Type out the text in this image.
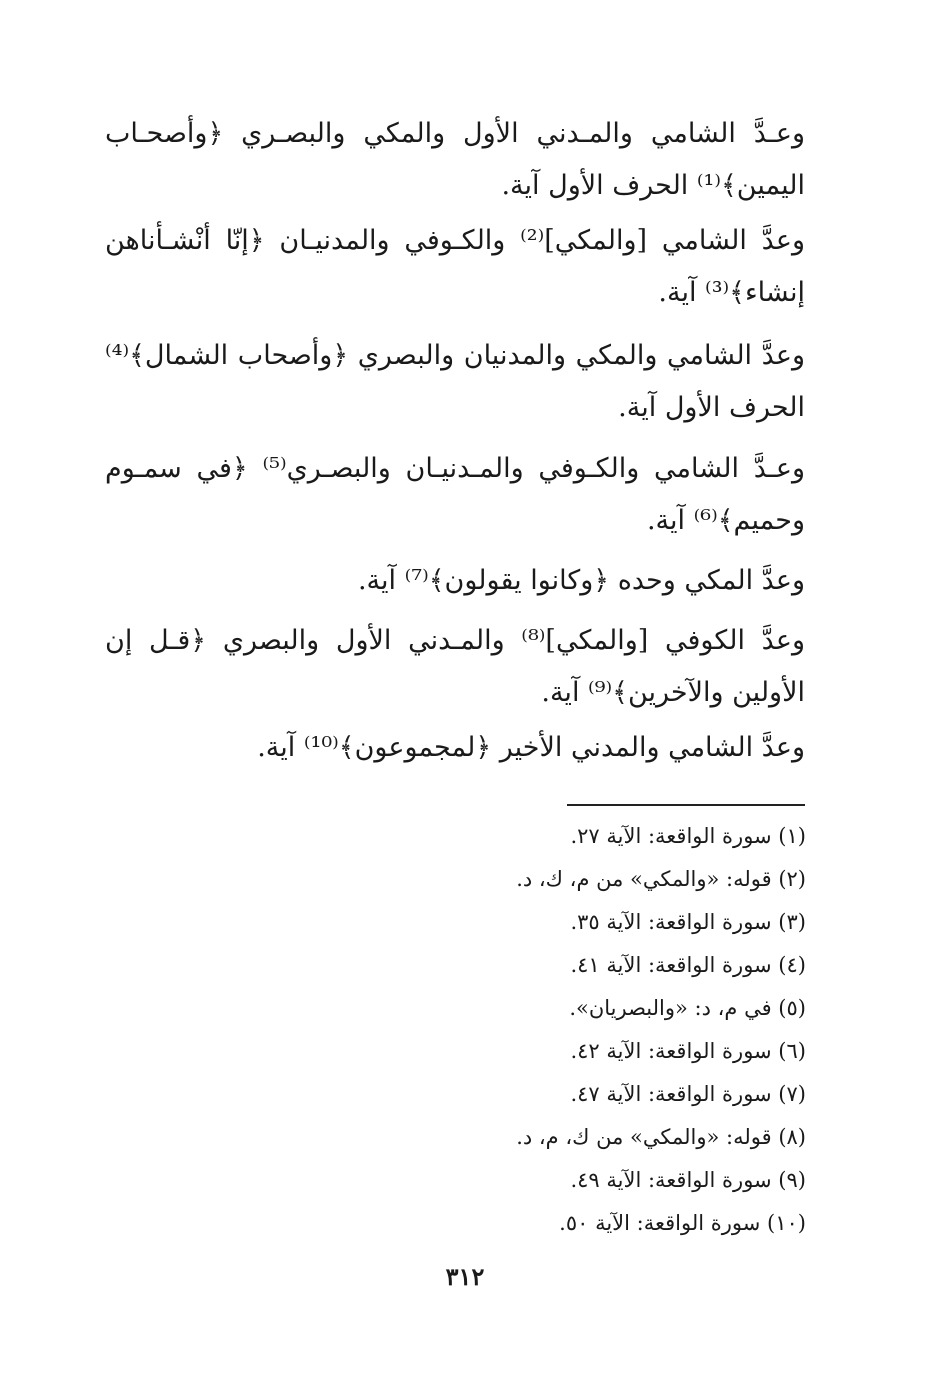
وعـدَّ الشامي والمـدني الأول والمكي والبصـري ﴿وأصحـاب اليمين﴾⁽¹⁾ الحرف الأول آية.

وعدَّ الشامي [والمكي]⁽²⁾ والكـوفي والمدنيـان ﴿إنّا أنْشـأناهن إنشاء﴾⁽³⁾ آية.

وعدَّ الشامي والمكي والمدنيان والبصري ﴿وأصحاب الشمال﴾⁽⁴⁾ الحرف الأول آية.

وعـدَّ الشامي والكـوفي والمـدنيـان والبصـري⁽⁵⁾ ﴿في سمـوم وحميم﴾⁽⁶⁾ آية.

وعدَّ المكي وحده ﴿وكانوا يقولون﴾⁽⁷⁾ آية.

وعدَّ الكوفي [والمكي]⁽⁸⁾ والمـدني الأول والبصري ﴿قـل إن الأولين والآخرين﴾⁽⁹⁾ آية.

وعدَّ الشامي والمدني الأخير ﴿لمجموعون﴾⁽¹⁰⁾ آية.

(١) سورة الواقعة: الآية ٢٧.
(٢) قوله: «والمكي» من م، ك، د.
(٣) سورة الواقعة: الآية ٣٥.
(٤) سورة الواقعة: الآية ٤١.
(٥) في م، د: «والبصريان».
(٦) سورة الواقعة: الآية ٤٢.
(٧) سورة الواقعة: الآية ٤٧.
(٨) قوله: «والمكي» من ك، م، د.
(٩) سورة الواقعة: الآية ٤٩.
(١٠) سورة الواقعة: الآية ٥٠.
٣١٢
